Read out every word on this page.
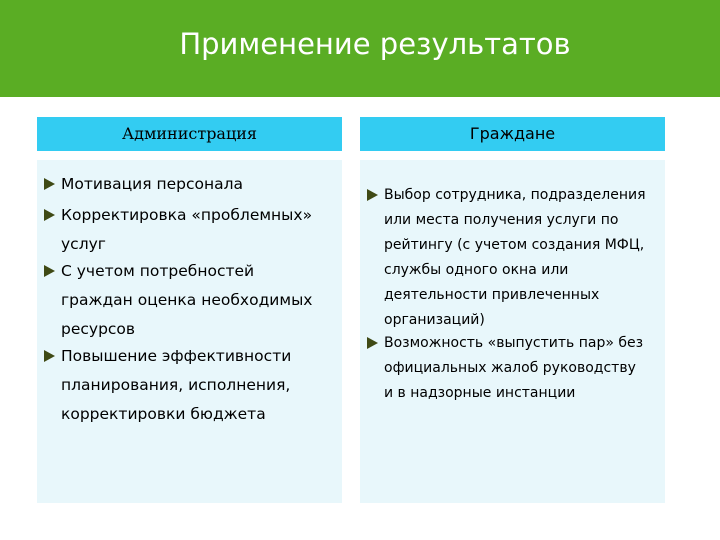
Применение результатов
Администрация	Граждане
Мотивация персонала
Корректировка «проблемных»
услуг
С учетом потребностей
граждан оценка необходимых
ресурсов
Повышение эффективности
планирования, исполнения,
корректировки бюджета
Выбор сотрудника, подразделения
или места получения услуги по
рейтингу (с учетом создания МФЦ,
службы одного окна или
деятельности привлеченных
организаций)
Возможность «выпустить пар» без
официальных жалоб руководству
и в надзорные инстанции
